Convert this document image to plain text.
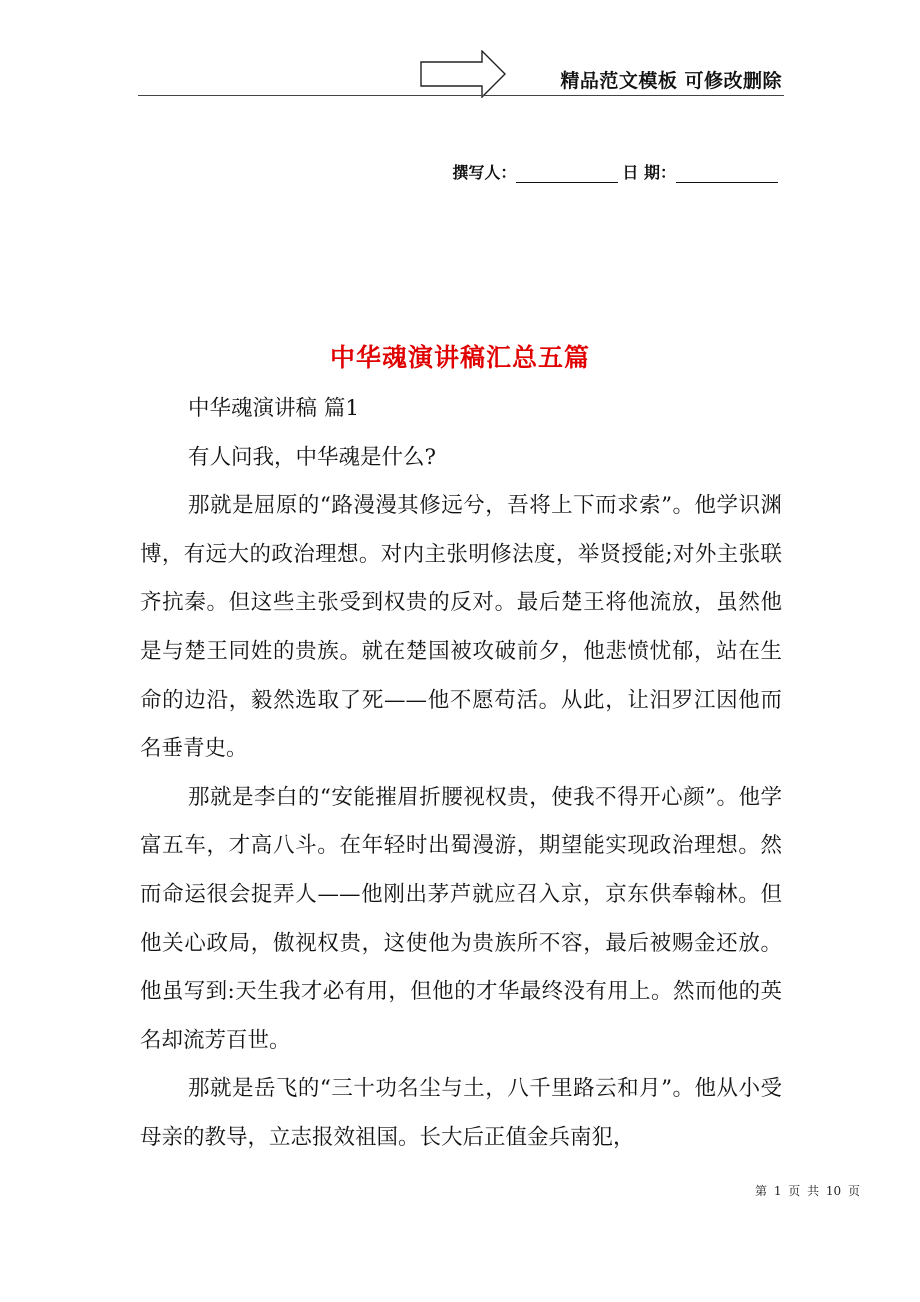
精品范文模板 可修改删除
撰写人：	日 期：
中华魂演讲稿汇总五篇

中华魂演讲稿 篇1

有人问我，中华魂是什么?

那就是屈原的“路漫漫其修远兮，吾将上下而求索”。他学识渊博，有远大的政治理想。对内主张明修法度，举贤授能;对外主张联齐抗秦。但这些主张受到权贵的反对。最后楚王将他流放，虽然他是与楚王同姓的贵族。就在楚国被攻破前夕，他悲愤忧郁，站在生命的边沿，毅然选取了死——他不愿苟活。从此，让汨罗江因他而名垂青史。

那就是李白的“安能摧眉折腰视权贵，使我不得开心颜”。他学富五车，才高八斗。在年轻时出蜀漫游，期望能实现政治理想。然而命运很会捉弄人——他刚出茅芦就应召入京，京东供奉翰林。但他关心政局，傲视权贵，这使他为贵族所不容，最后被赐金还放。他虽写到:天生我才必有用，但他的才华最终没有用上。然而他的英名却流芳百世。

那就是岳飞的“三十功名尘与土，八千里路云和月”。他从小受母亲的教导，立志报效祖国。长大后正值金兵南犯，

第 1 页 共 10 页
